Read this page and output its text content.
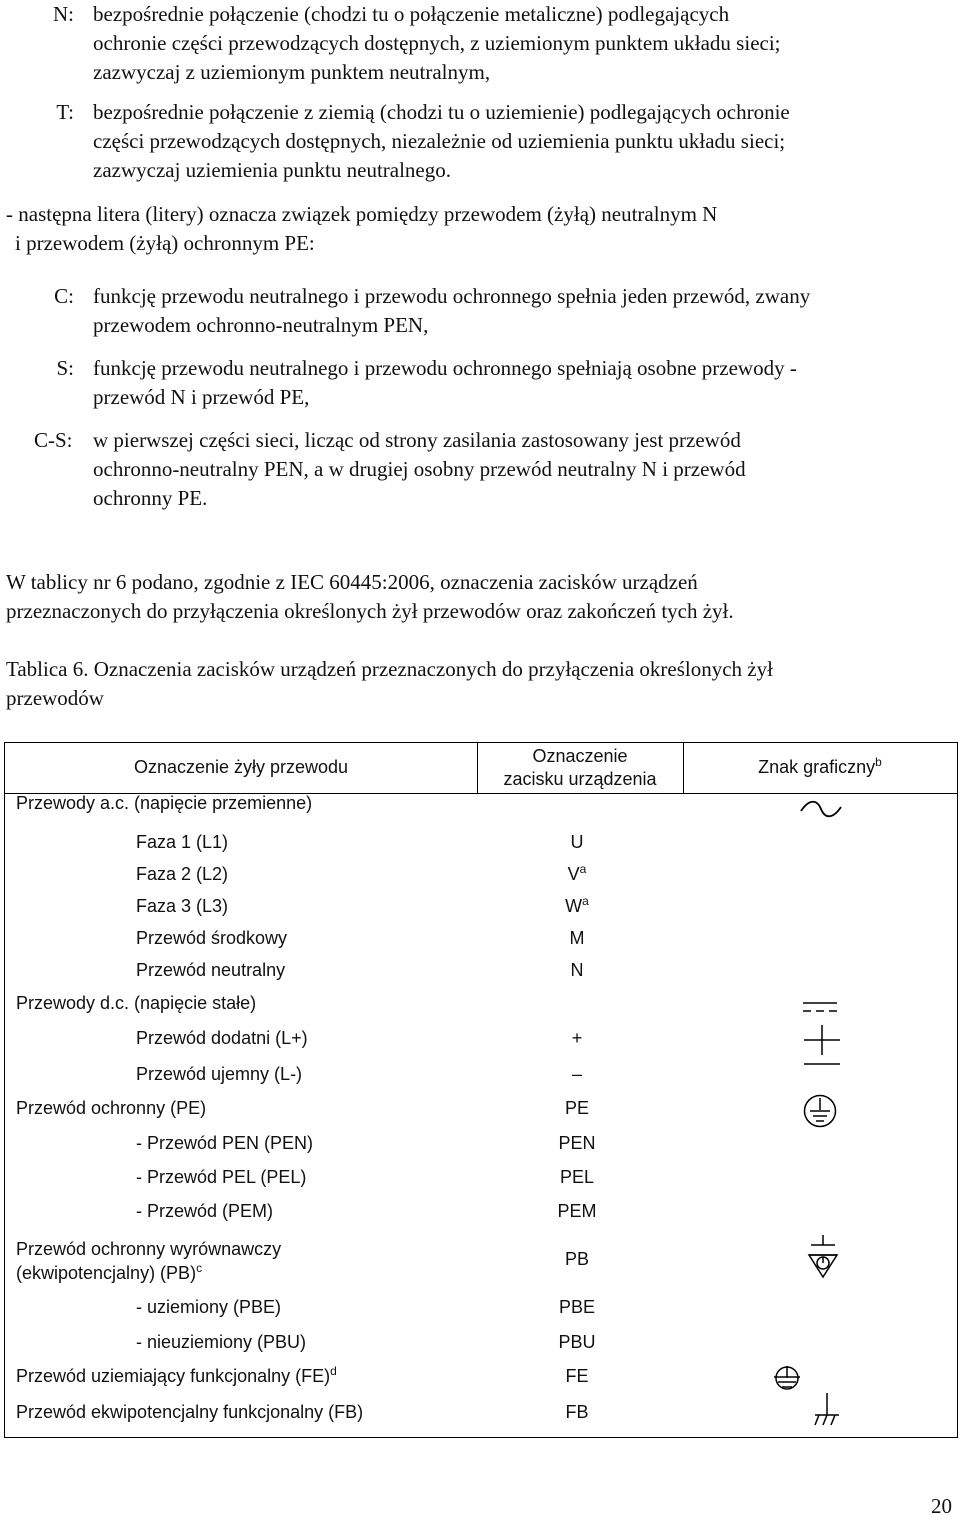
N: bezpośrednie połączenie (chodzi tu o połączenie metaliczne) podlegających
ochronie części przewodzących dostępnych, z uziemionym punktem układu sieci;
zazwyczaj z uziemionym punktem neutralnym,
T: bezpośrednie połączenie z ziemią (chodzi tu o uziemienie) podlegających ochronie
części przewodzących dostępnych, niezależnie od uziemienia punktu układu sieci;
zazwyczaj uziemienia punktu neutralnego.
- następna litera (litery) oznacza związek pomiędzy przewodem (żyłą) neutralnym N
i przewodem (żyłą) ochronnym PE:
C: funkcję przewodu neutralnego i przewodu ochronnego spełnia jeden przewód, zwany
przewodem ochronno-neutralnym PEN,
S: funkcję przewodu neutralnego i przewodu ochronnego spełniają osobne przewody -
przewód N i przewód PE,
C-S: w pierwszej części sieci, licząc od strony zasilania zastosowany jest przewód
ochronno-neutralny PEN, a w drugiej osobny przewód neutralny N i przewód
ochronny PE.
W tablicy nr 6 podano, zgodnie z IEC 60445:2006, oznaczenia zacisków urządzeń
przeznaczonych do przyłączenia określonych żył przewodów oraz zakończeń tych żył.
Tablica 6. Oznaczenia zacisków urządzeń przeznaczonych do przyłączenia określonych żył
przewodów
Oznaczenie żyły przewodu
Oznaczenie
zacisku urządzenia
Znak graficzny$^b$
Przewody a.c. (napięcie przemienne)
Faza 1 (L1)	U
Faza 2 (L2)	$V^a$
Faza 3 (L3)	$W^a$
Przewód środkowy	M
Przewód neutralny	N
Przewody d.c. (napięcie stałe)
Przewód dodatni (L+)	+
Przewód ujemny (L-)	–
Przewód ochronny (PE)	PE
- Przewód PEN (PEN)	PEN
- Przewód PEL (PEL)	PEL
- Przewód (PEM)	PEM
Przewód ochronny wyrównawczy
(ekwipotencjalny) (PB)$^c$	PB
- uziemiony (PBE)	PBE
- nieuziemiony (PBU)	PBU
Przewód uziemiający funkcjonalny (FE)$^d$	FE
Przewód ekwipotencjalny funkcjonalny (FB)	FB
20
